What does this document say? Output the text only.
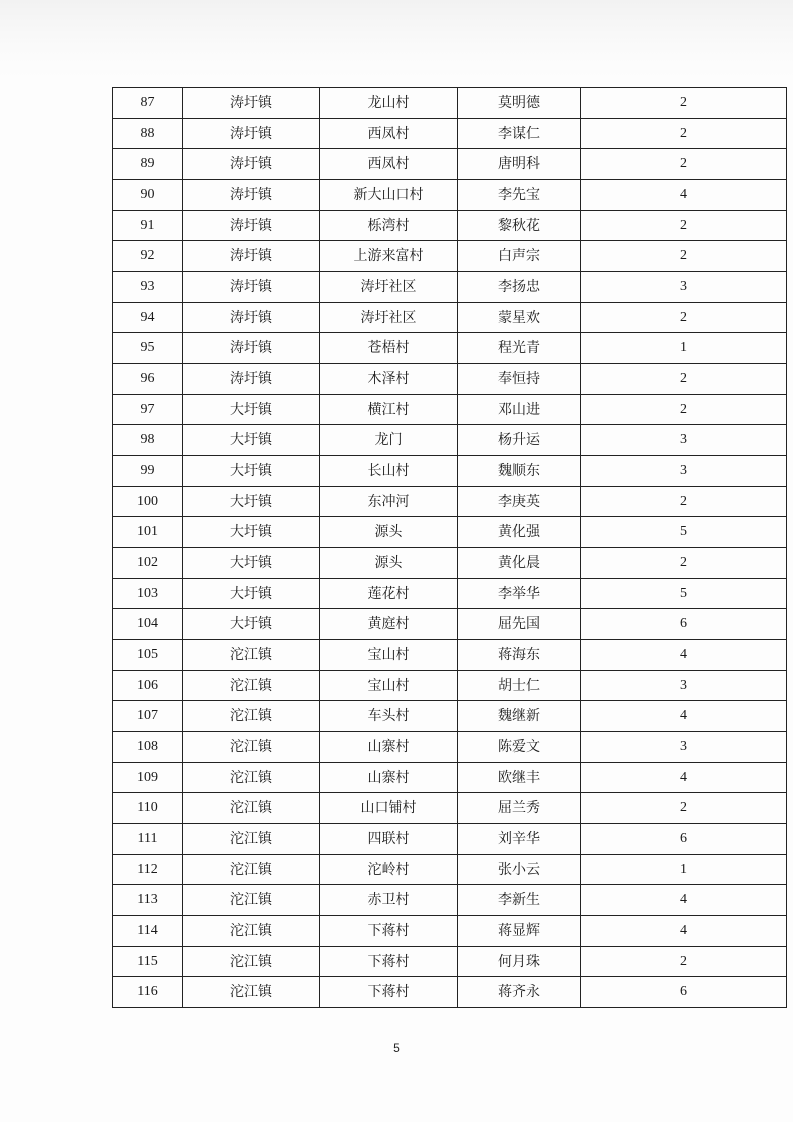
87	涛圩镇	龙山村	莫明德	2
88	涛圩镇	西凤村	李谋仁	2
89	涛圩镇	西凤村	唐明科	2
90	涛圩镇	新大山口村	李先宝	4
91	涛圩镇	栎湾村	黎秋花	2
92	涛圩镇	上游来富村	白声宗	2
93	涛圩镇	涛圩社区	李扬忠	3
94	涛圩镇	涛圩社区	蒙星欢	2
95	涛圩镇	苍梧村	程光青	1
96	涛圩镇	木泽村	奉恒持	2
97	大圩镇	横江村	邓山进	2
98	大圩镇	龙门	杨升运	3
99	大圩镇	长山村	魏顺东	3
100	大圩镇	东冲河	李庚英	2
101	大圩镇	源头	黄化强	5
102	大圩镇	源头	黄化晨	2
103	大圩镇	莲花村	李举华	5
104	大圩镇	黄庭村	屈先国	6
105	沱江镇	宝山村	蒋海东	4
106	沱江镇	宝山村	胡士仁	3
107	沱江镇	车头村	魏继新	4
108	沱江镇	山寨村	陈爱文	3
109	沱江镇	山寨村	欧继丰	4
110	沱江镇	山口铺村	屈兰秀	2
111	沱江镇	四联村	刘辛华	6
112	沱江镇	沱岭村	张小云	1
113	沱江镇	赤卫村	李新生	4
114	沱江镇	下蒋村	蒋显辉	4
115	沱江镇	下蒋村	何月珠	2
116	沱江镇	下蒋村	蒋齐永	6
5
